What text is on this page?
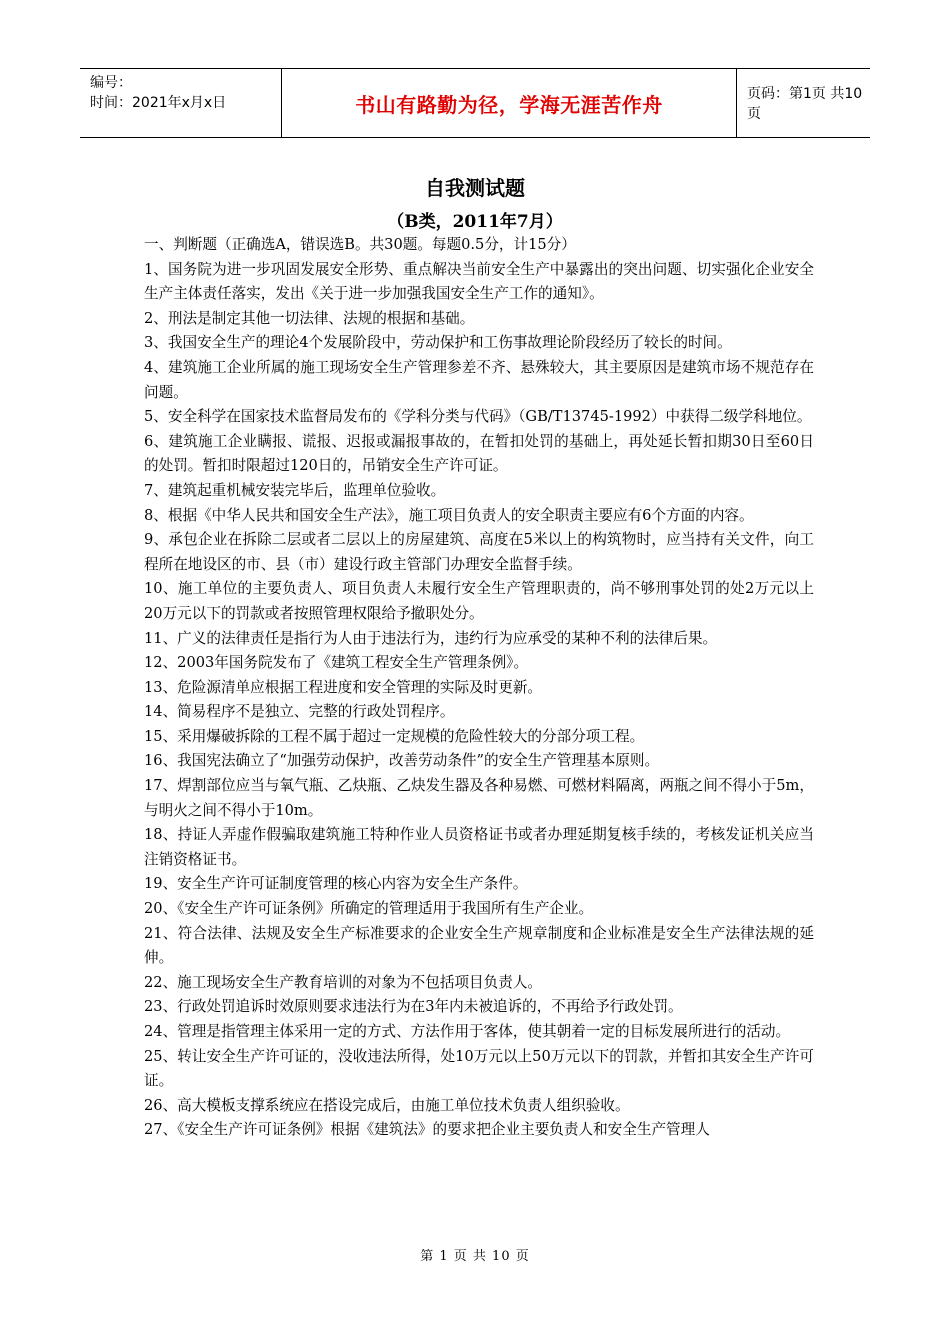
编号：
时间：2021年x月x日	书山有路勤为径，学海无涯苦作舟	页码：第1页 共10页
自我测试题
（B类，2011年7月）

一、判断题（正确选A，错误选B。共30题。每题0.5分，计15分）

1、国务院为进一步巩固发展安全形势、重点解决当前安全生产中暴露出的突出问题、切实强化企业安全生产主体责任落实，发出《关于进一步加强我国安全生产工作的通知》。

2、刑法是制定其他一切法律、法规的根据和基础。

3、我国安全生产的理论4个发展阶段中，劳动保护和工伤事故理论阶段经历了较长的时间。

4、建筑施工企业所属的施工现场安全生产管理参差不齐、悬殊较大，其主要原因是建筑市场不规范存在问题。

5、安全科学在国家技术监督局发布的《学科分类与代码》（GB/T13745-1992）中获得二级学科地位。

6、建筑施工企业瞒报、谎报、迟报或漏报事故的，在暂扣处罚的基础上，再处延长暂扣期30日至60日的处罚。暂扣时限超过120日的，吊销安全生产许可证。

7、建筑起重机械安装完毕后，监理单位验收。

8、根据《中华人民共和国安全生产法》，施工项目负责人的安全职责主要应有6个方面的内容。

9、承包企业在拆除二层或者二层以上的房屋建筑、高度在5米以上的构筑物时，应当持有关文件，向工程所在地设区的市、县（市）建设行政主管部门办理安全监督手续。

10、施工单位的主要负责人、项目负责人未履行安全生产管理职责的，尚不够刑事处罚的处2万元以上20万元以下的罚款或者按照管理权限给予撤职处分。

11、广义的法律责任是指行为人由于违法行为，违约行为应承受的某种不利的法律后果。

12、2003年国务院发布了《建筑工程安全生产管理条例》。

13、危险源清单应根据工程进度和安全管理的实际及时更新。

14、简易程序不是独立、完整的行政处罚程序。

15、采用爆破拆除的工程不属于超过一定规模的危险性较大的分部分项工程。

16、我国宪法确立了“加强劳动保护，改善劳动条件”的安全生产管理基本原则。

17、焊割部位应当与氧气瓶、乙炔瓶、乙炔发生器及各种易燃、可燃材料隔离，两瓶之间不得小于5m，与明火之间不得小于10m。

18、持证人弄虚作假骗取建筑施工特种作业人员资格证书或者办理延期复核手续的，考核发证机关应当注销资格证书。

19、安全生产许可证制度管理的核心内容为安全生产条件。

20、《安全生产许可证条例》所确定的管理适用于我国所有生产企业。

21、符合法律、法规及安全生产标准要求的企业安全生产规章制度和企业标准是安全生产法律法规的延伸。

22、施工现场安全生产教育培训的对象为不包括项目负责人。

23、行政处罚追诉时效原则要求违法行为在3年内未被追诉的，不再给予行政处罚。

24、管理是指管理主体采用一定的方式、方法作用于客体，使其朝着一定的目标发展所进行的活动。

25、转让安全生产许可证的，没收违法所得，处10万元以上50万元以下的罚款，并暂扣其安全生产许可证。

26、高大模板支撑系统应在搭设完成后，由施工单位技术负责人组织验收。

27、《安全生产许可证条例》根据《建筑法》的要求把企业主要负责人和安全生产管理人

第 1 页 共 10 页
